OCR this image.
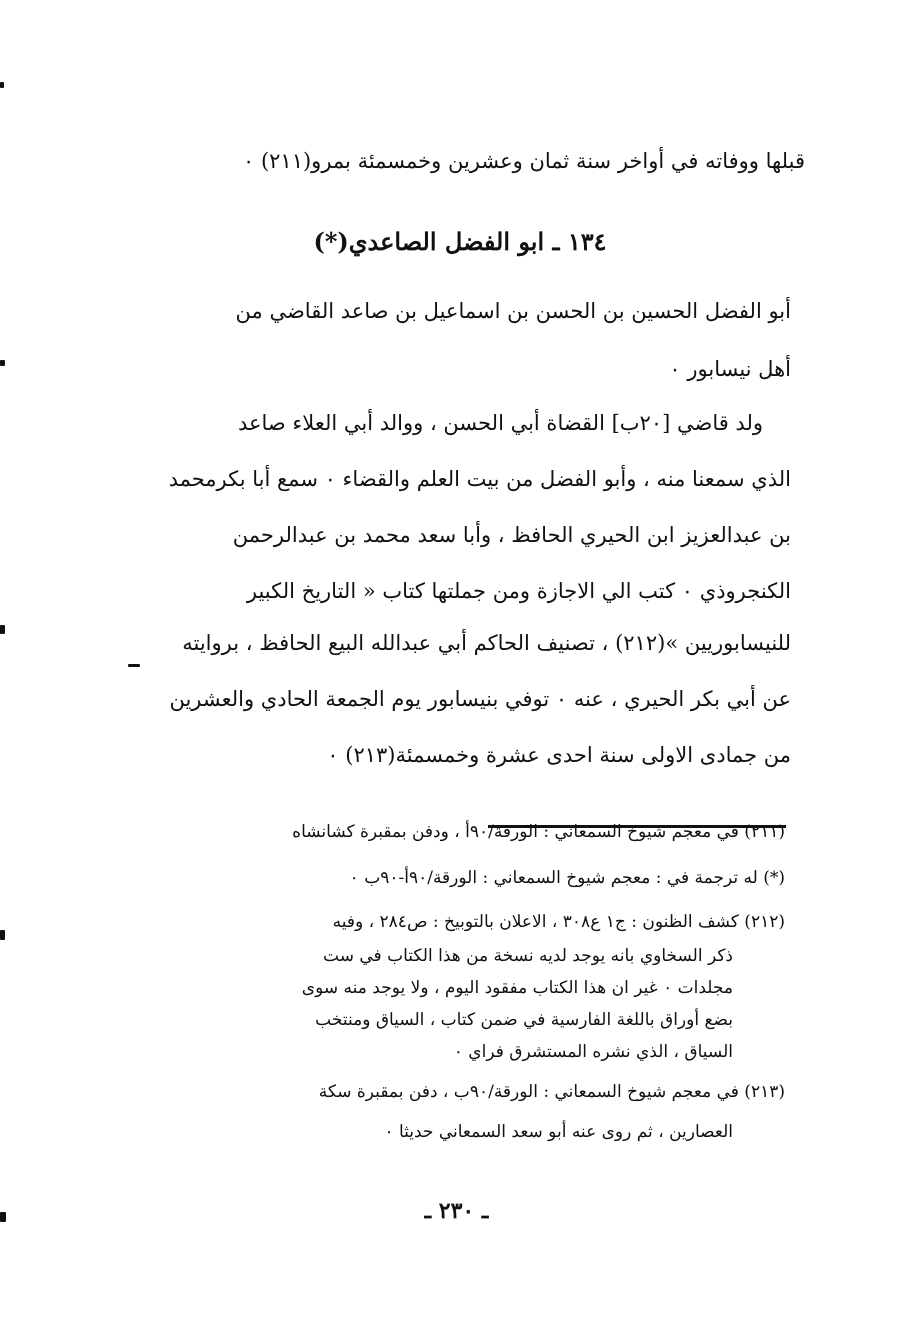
قبلها ووفاته في أواخر سنة ثمان وعشرين وخمسمئة بمرو(٢١١) ٠
١٣٤ ـ ابو الفضل الصاعدي(*)
أبو الفضل الحسين بن الحسن بن اسماعيل بن صاعد القاضي من
أهل نيسابور ٠
ولد قاضي [٢٠ب] القضاة أبي الحسن ، ووالد أبي العلاء صاعد
الذي سمعنا منه ، وأبو الفضل من بيت العلم والقضاء ٠ سمع أبا بكرمحمد
بن عبدالعزيز ابن الحيري الحافظ ، وأبا سعد محمد بن عبدالرحمن
الكنجروذي ٠ كتب الي الاجازة ومن جملتها كتاب « التاريخ الكبير
للنيسابوريين »(٢١٢) ، تصنيف الحاكم أبي عبدالله البيع الحافظ ، بروايته
عن أبي بكر الحيري ، عنه ٠ توفي بنيسابور يوم الجمعة الحادي والعشرين
من جمادى الاولى سنة احدى عشرة وخمسمئة(٢١٣) ٠
(٢١١) في معجم شيوخ السمعاني : الورقة/٩٠أ ، ودفن بمقبرة كشانشاه
(*) له ترجمة في : معجم شيوخ السمعاني : الورقة/٩٠أ-٩٠ب ٠
(٢١٢) كشف الظنون : ج١ ع٣٠٨ ، الاعلان بالتوبيخ : ص٢٨٤ ، وفيه
ذكر السخاوي بانه يوجد لديه نسخة من هذا الكتاب في ست
مجلدات ٠ غير ان هذا الكتاب مفقود اليوم ، ولا يوجد منه سوى
بضع أوراق باللغة الفارسية في ضمن كتاب ، السياق ومنتخب
السياق ، الذي نشره المستشرق فراي ٠
(٢١٣) في معجم شيوخ السمعاني : الورقة/٩٠ب ، دفن بمقبرة سكة
العصارين ، ثم روى عنه أبو سعد السمعاني حديثا ٠
ـ ٢٣٠ ـ
